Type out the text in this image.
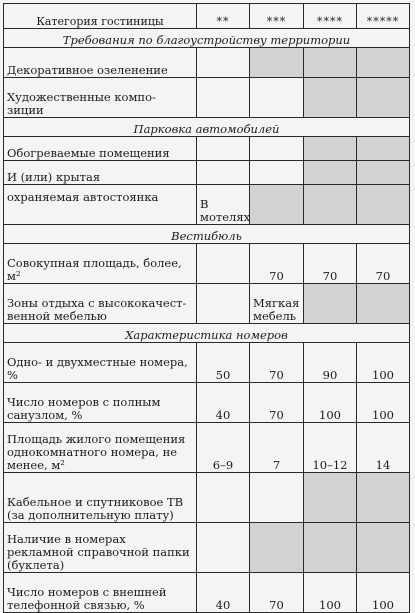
Категория гостиницы	**	***	****	*****
Требования по благоустройству территории				
Декоративное озеленение				
Художественные компо- зиции				
Парковка автомобилей				
Обогреваемые помещения				
И (или) крытая				
охраняемая автостоянка	В мотелях			
Вестибюль				
Совокупная площадь, более, м²		70	70	70
Зоны отдыха с высококачест- венной мебелью		Мягкая мебель		
Характеристика номеров				
Одно- и двухместные номера, %	50	70	90	100
Число номеров с полным санузлом, %	40	70	100	100
Площадь жилого помещения однокомнатного номера, не менее, м²	6–9	7	10–12	14
Кабельное и спутниковое ТВ (за дополнительную плату)				
Наличие в номерах рекламной справочной папки (буклета)				
Число номеров с внешней телефонной связью, %	40	70	100	100
